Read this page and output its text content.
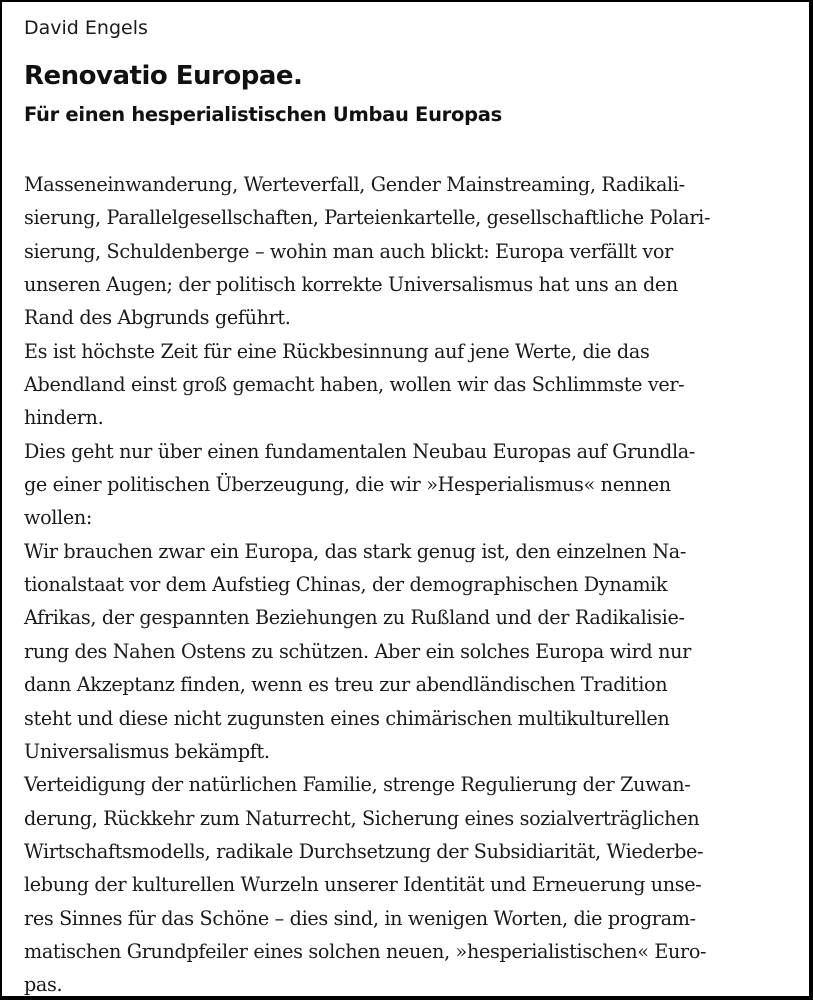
David Engels
Renovatio Europae.
Für einen hesperialistischen Umbau Europas
Masseneinwanderung, Werteverfall, Gender Mainstreaming, Radikali-
sierung, Parallelgesellschaften, Parteienkartelle, gesellschaftliche Polari-
sierung, Schuldenberge – wohin man auch blickt: Europa verfällt vor
unseren Augen; der politisch korrekte Universalismus hat uns an den
Rand des Abgrunds geführt.
Es ist höchste Zeit für eine Rückbesinnung auf jene Werte, die das
Abendland einst groß gemacht haben, wollen wir das Schlimmste ver-
hindern.
Dies geht nur über einen fundamentalen Neubau Europas auf Grundla-
ge einer politischen Überzeugung, die wir »Hesperialismus« nennen
wollen:
Wir brauchen zwar ein Europa, das stark genug ist, den einzelnen Na-
tionalstaat vor dem Aufstieg Chinas, der demographischen Dynamik
Afrikas, der gespannten Beziehungen zu Rußland und der Radikalisie-
rung des Nahen Ostens zu schützen. Aber ein solches Europa wird nur
dann Akzeptanz finden, wenn es treu zur abendländischen Tradition
steht und diese nicht zugunsten eines chimärischen multikulturellen
Universalismus bekämpft.
Verteidigung der natürlichen Familie, strenge Regulierung der Zuwan-
derung, Rückkehr zum Naturrecht, Sicherung eines sozialverträglichen
Wirtschaftsmodells, radikale Durchsetzung der Subsidiarität, Wiederbe-
lebung der kulturellen Wurzeln unserer Identität und Erneuerung unse-
res Sinnes für das Schöne – dies sind, in wenigen Worten, die program-
matischen Grundpfeiler eines solchen neuen, »hesperialistischen« Euro-
pas.
